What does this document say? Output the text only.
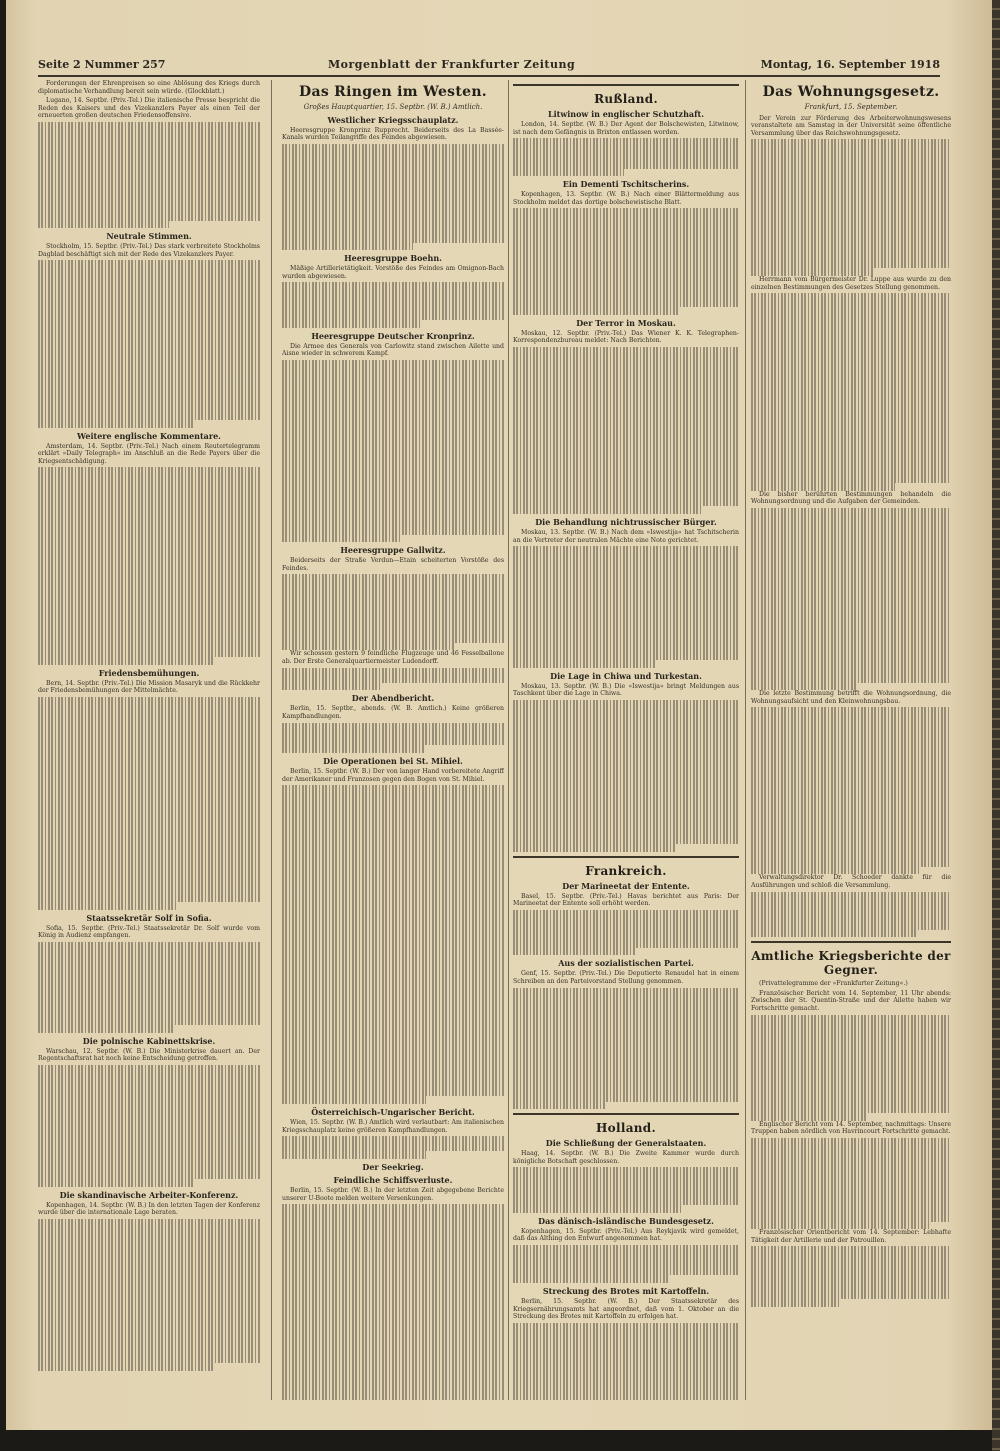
Seite 2 Nummer 257	Morgenblatt der Frankfurter Zeitung	Montag, 16. September 1918

Forderungen der Ehrenpreisen so eine Ablösung des Kriegs durch diplomatische Verhandlung bereit sein würde. (Glockblatt.)

Lugano, 14. Septbr. (Priv.-Tel.) Die italienische Presse bespricht die Reden des Kaisers und des Vizekanzlers Payer als einen Teil der erneuerten großen deutschen Friedensoffensive.

Neutrale Stimmen.

Stockholm, 15. Septbr. (Priv.-Tel.) Das stark verbreitete Stockholms Dagblad beschäftigt sich mit der Rede des Vizekanzlers Payer.

Weitere englische Kommentare.

Amsterdam, 14. Septbr. (Priv.-Tel.) Nach einem Reutertelegramm erklärt »Daily Telegraph« im Anschluß an die Rede Payers über die Kriegsentschädigung.

Friedensbemühungen.

Bern, 14. Septbr. (Priv.-Tel.) Die Mission Masaryk und die Rückkehr der Friedensbemühungen der Mittelmächte.

Staatssekretär Solf in Sofia.

Sofia, 15. Septbr. (Priv.-Tel.) Staatssekretär Dr. Solf wurde vom König in Audienz empfangen.

Die polnische Kabinettskrise.

Warschau, 12. Septbr. (W. B.) Die Ministerkrise dauert an. Der Regentschaftsrat hat noch keine Entscheidung getroffen.

Die skandinavische Arbeiter-Konferenz.

Kopenhagen, 14. Septbr. (W. B.) In den letzten Tagen der Konferenz wurde über die internationale Lage beraten.

Das Ringen im Westen.
Großes Hauptquartier, 15. Septbr. (W. B.) Amtlich.
Westlicher Kriegsschauplatz.

Heeresgruppe Kronprinz Rupprecht. Beiderseits des La Bassée-Kanals wurden Teilangriffe des Feindes abgewiesen.

Heeresgruppe Boehn.

Mäßige Artillerietätigkeit. Vorstöße des Feindes am Omignon-Bach wurden abgewiesen.

Heeresgruppe Deutscher Kronprinz.

Die Armee des Generals von Carlowitz stand zwischen Ailette und Aisne wieder in schwerem Kampf.

Heeresgruppe Gallwitz.

Beiderseits der Straße Verdun—Etain scheiterten Vorstöße des Feindes.

Wir schossen gestern 9 feindliche Flugzeuge und 46 Fesselballone ab. Der Erste Generalquartiermeister Ludendorff.

Der Abendbericht.

Berlin, 15. Septbr., abends. (W. B. Amtlich.) Keine größeren Kampfhandlungen.

Die Operationen bei St. Mihiel.

Berlin, 15. Septbr. (W. B.) Der von langer Hand vorbereitete Angriff der Amerikaner und Franzosen gegen den Bogen von St. Mihiel.

Österreichisch-Ungarischer Bericht.

Wien, 15. Septbr. (W. B.) Amtlich wird verlautbart: Am italienischen Kriegsschauplatz keine größeren Kampfhandlungen.

Der Seekrieg.
Feindliche Schiffsverluste.

Berlin, 15. Septbr. (W. B.) In der letzten Zeit abgegebene Berichte unserer U-Boote melden weitere Versenkungen.

Rußland.
Litwinow in englischer Schutzhaft.

London, 14. Septbr. (W. B.) Der Agent der Bolschewisten, Litwinow, ist nach dem Gefängnis in Brixton entlassen worden.

Ein Dementi Tschitscherins.

Kopenhagen, 13. Septbr. (W. B.) Nach einer Blättermeldung aus Stockholm meldet das dortige bolschewistische Blatt.

Der Terror in Moskau.

Moskau, 12. Septbr. (Priv.-Tel.) Das Wiener K. K. Telegraphen-Korrespondenzbureau meldet: Nach Berichten.

Die Behandlung nichtrussischer Bürger.

Moskau, 13. Septbr. (W. B.) Nach dem »Iswestija« hat Tschitscherin an die Vertreter der neutralen Mächte eine Note gerichtet.

Die Lage in Chiwa und Turkestan.

Moskau, 13. Septbr. (W. B.) Die »Iswestija« bringt Meldungen aus Taschkent über die Lage in Chiwa.

Frankreich.
Der Marineetat der Entente.

Basel, 15. Septbr. (Priv.-Tel.) Havas berichtet aus Paris: Der Marineetat der Entente soll erhöht werden.

Aus der sozialistischen Partei.

Genf, 15. Septbr. (Priv.-Tel.) Die Deputierte Renaudel hat in einem Schreiben an den Parteivorstand Stellung genommen.

Holland.
Die Schließung der Generalstaaten.

Haag, 14. Septbr. (W. B.) Die Zweite Kammer wurde durch königliche Botschaft geschlossen.

Das dänisch-isländische Bundesgesetz.

Kopenhagen, 15. Septbr. (Priv.-Tel.) Aus Reykjavik wird gemeldet, daß das Althing den Entwurf angenommen hat.

Streckung des Brotes mit Kartoffeln.

Berlin, 15. Septbr. (W. B.) Der Staatssekretär des Kriegsernährungsamts hat angeordnet, daß vom 1. Oktober an die Streckung des Brotes mit Kartoffeln zu erfolgen hat.

Das Wohnungsgesetz.
Frankfurt, 15. September.

Der Verein zur Förderung des Arbeiterwohnungswesens veranstaltete am Samstag in der Universität seine öffentliche Versammlung über das Reichswohnungsgesetz.

Herrmann vom Bürgermeister Dr. Luppe aus wurde zu den einzelnen Bestimmungen des Gesetzes Stellung genommen.

Die bisher berührten Bestimmungen behandeln die Wohnungsordnung und die Aufgaben der Gemeinden.

Die letzte Bestimmung betrifft die Wohnungsordnung, die Wohnungsaufsicht und den Kleinwohnungsbau.

Verwaltungsdirektor Dr. Schoeder dankte für die Ausführungen und schloß die Versammlung.

Amtliche Kriegsberichte der Gegner.

(Privattelegramme der »Frankfurter Zeitung«.)

Französischer Bericht vom 14. September, 11 Uhr abends: Zwischen der St. Quentin-Straße und der Ailette haben wir Fortschritte gemacht.

Englischer Bericht vom 14. September, nachmittags: Unsere Truppen haben nördlich von Havrincourt Fortschritte gemacht.

Französischer Orientbericht vom 14. September: Lebhafte Tätigkeit der Artillerie und der Patrouillen.
